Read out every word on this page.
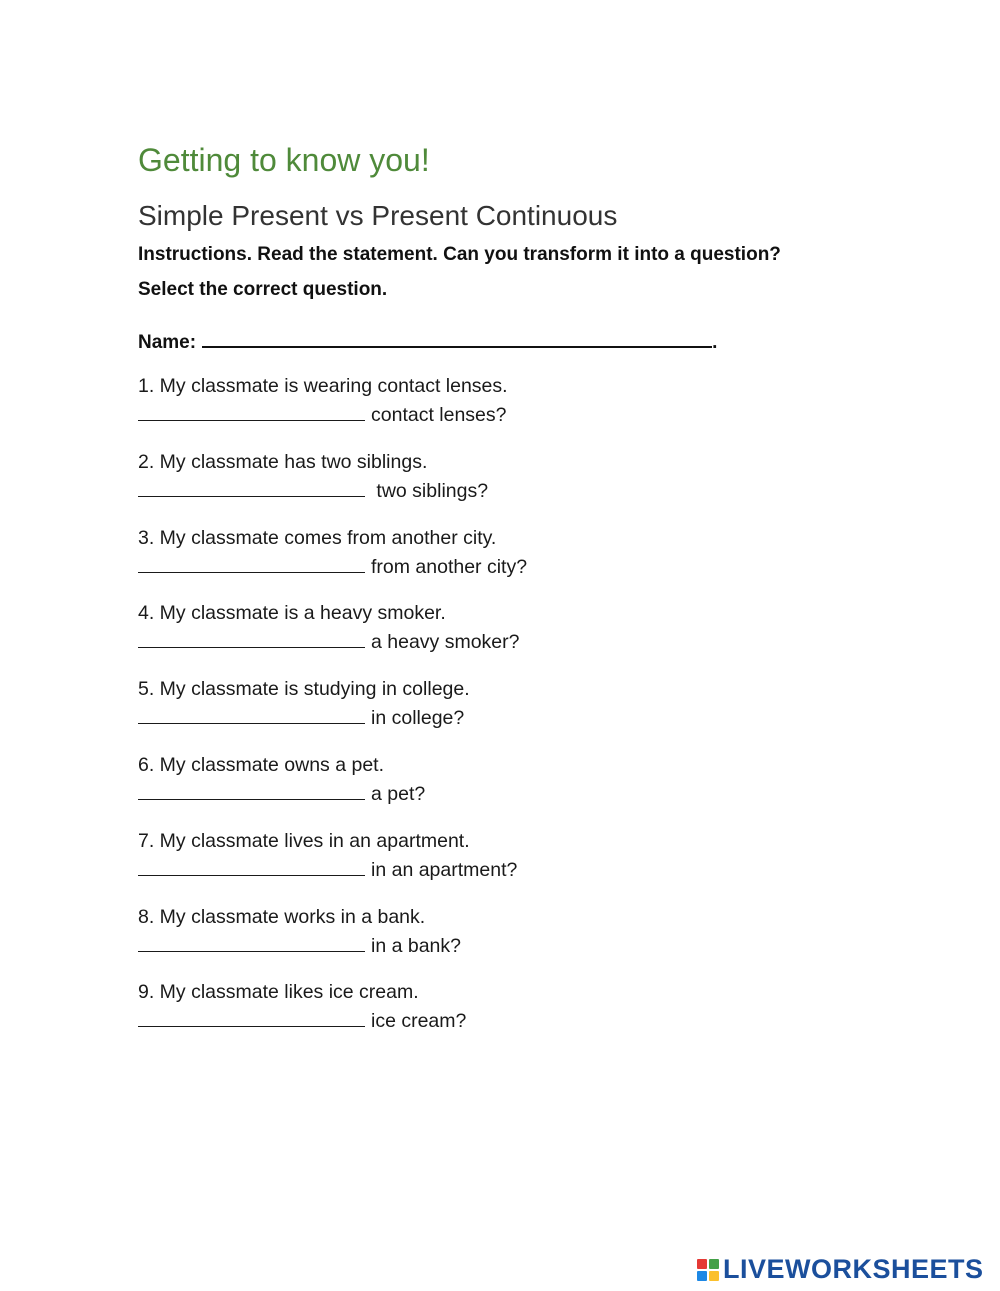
Getting to know you!
Simple Present vs Present Continuous

Instructions. Read the statement. Can you transform it into a question?

Select the correct question.

Name:	.
1. My classmate is wearing contact lenses.
contact lenses?
2. My classmate has two siblings.
two siblings?
3. My classmate comes from another city.
from another city?
4. My classmate is a heavy smoker.
a heavy smoker?
5. My classmate is studying in college.
in college?
6. My classmate owns a pet.
a pet?
7. My classmate lives in an apartment.
in an apartment?
8. My classmate works in a bank.
in a bank?
9. My classmate likes ice cream.
ice cream?
LIVEWORKSHEETS
